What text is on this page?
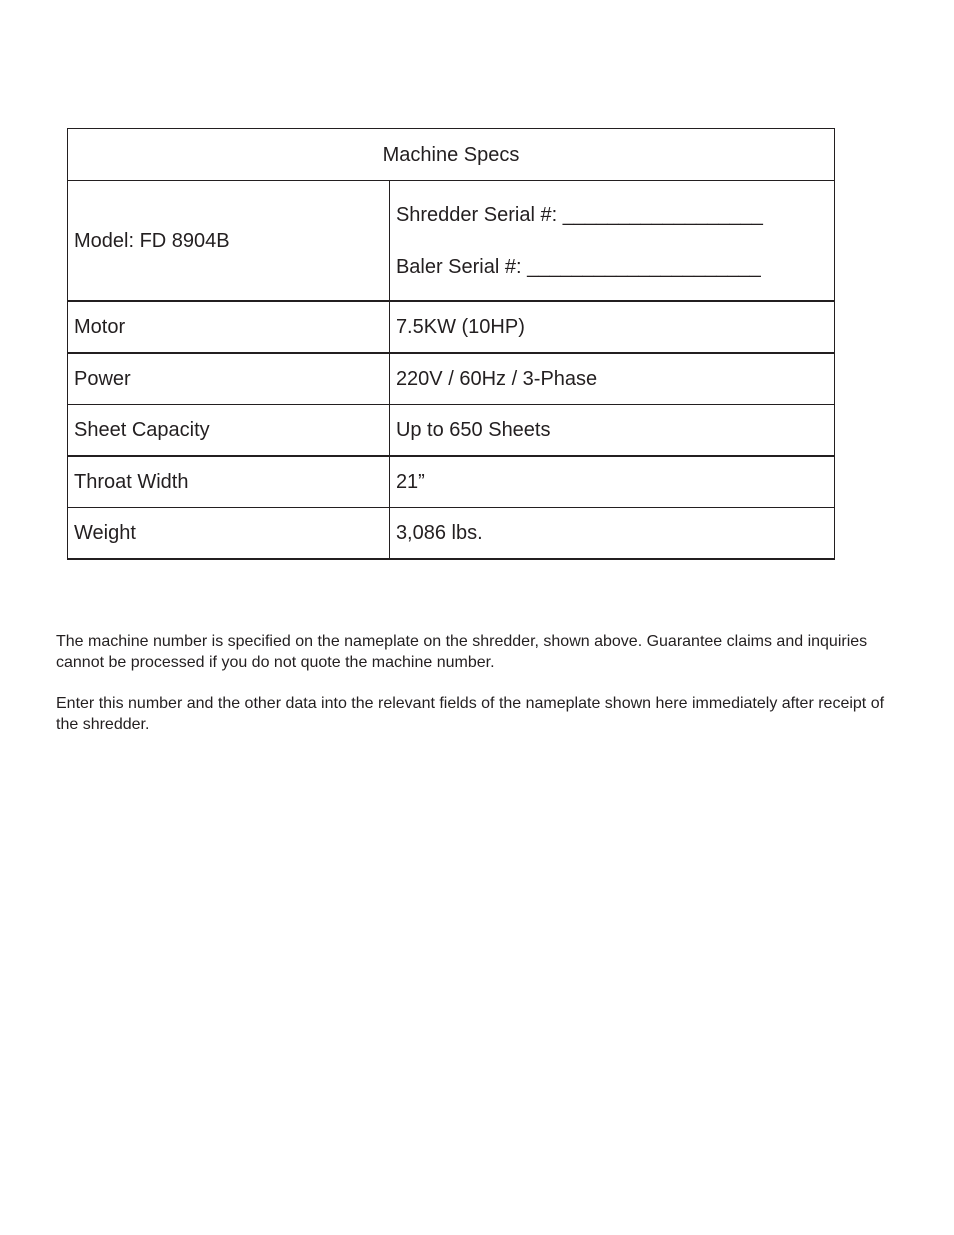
Machine Specs	
Model: FD 8904B	Shredder Serial #: __________________
Baler Serial #: _____________________

Motor	7.5KW (10HP)
Power	220V / 60Hz / 3-Phase
Sheet Capacity	Up to 650 Sheets
Throat Width	21”
Weight	3,086 lbs.

The machine number is specified on the nameplate on the shredder, shown above. Guarantee claims and inquiries cannot be processed if you do not quote the machine number.

Enter this number and the other data into the relevant fields of the nameplate shown here immediately after receipt of the shredder.
